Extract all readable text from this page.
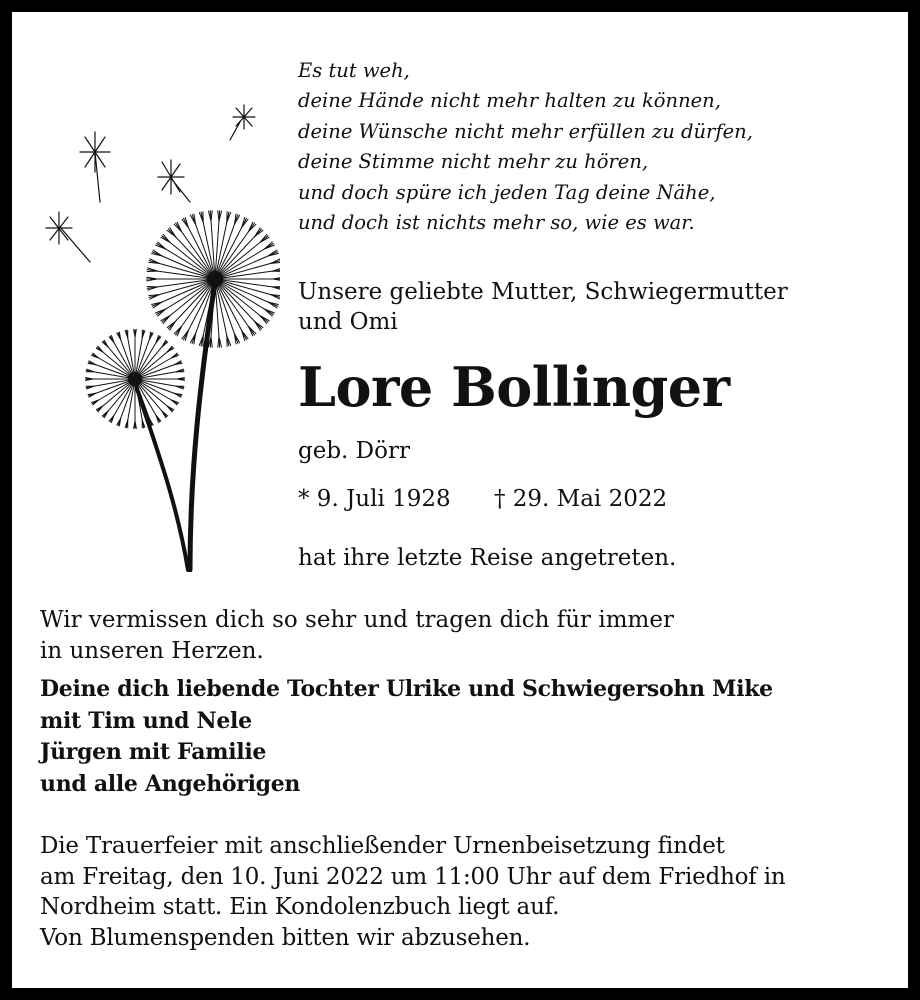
Es tut weh,
deine Hände nicht mehr halten zu können,
deine Wünsche nicht mehr erfüllen zu dürfen,
deine Stimme nicht mehr zu hören,
und doch spüre ich jeden Tag deine Nähe,
und doch ist nichts mehr so, wie es war.
Unsere geliebte Mutter, Schwiegermutter
und Omi
Lore Bollinger
geb. Dörr
* 9. Juli 1928 † 29. Mai 2022
hat ihre letzte Reise angetreten.
Wir vermissen dich so sehr und tragen dich für immer
in unseren Herzen.
Deine dich liebende Tochter Ulrike und Schwiegersohn Mike
mit Tim und Nele
Jürgen mit Familie
und alle Angehörigen
Die Trauerfeier mit anschließender Urnenbeisetzung findet
am Freitag, den 10. Juni 2022 um 11:00 Uhr auf dem Friedhof in
Nordheim statt. Ein Kondolenzbuch liegt auf.
Von Blumenspenden bitten wir abzusehen.
